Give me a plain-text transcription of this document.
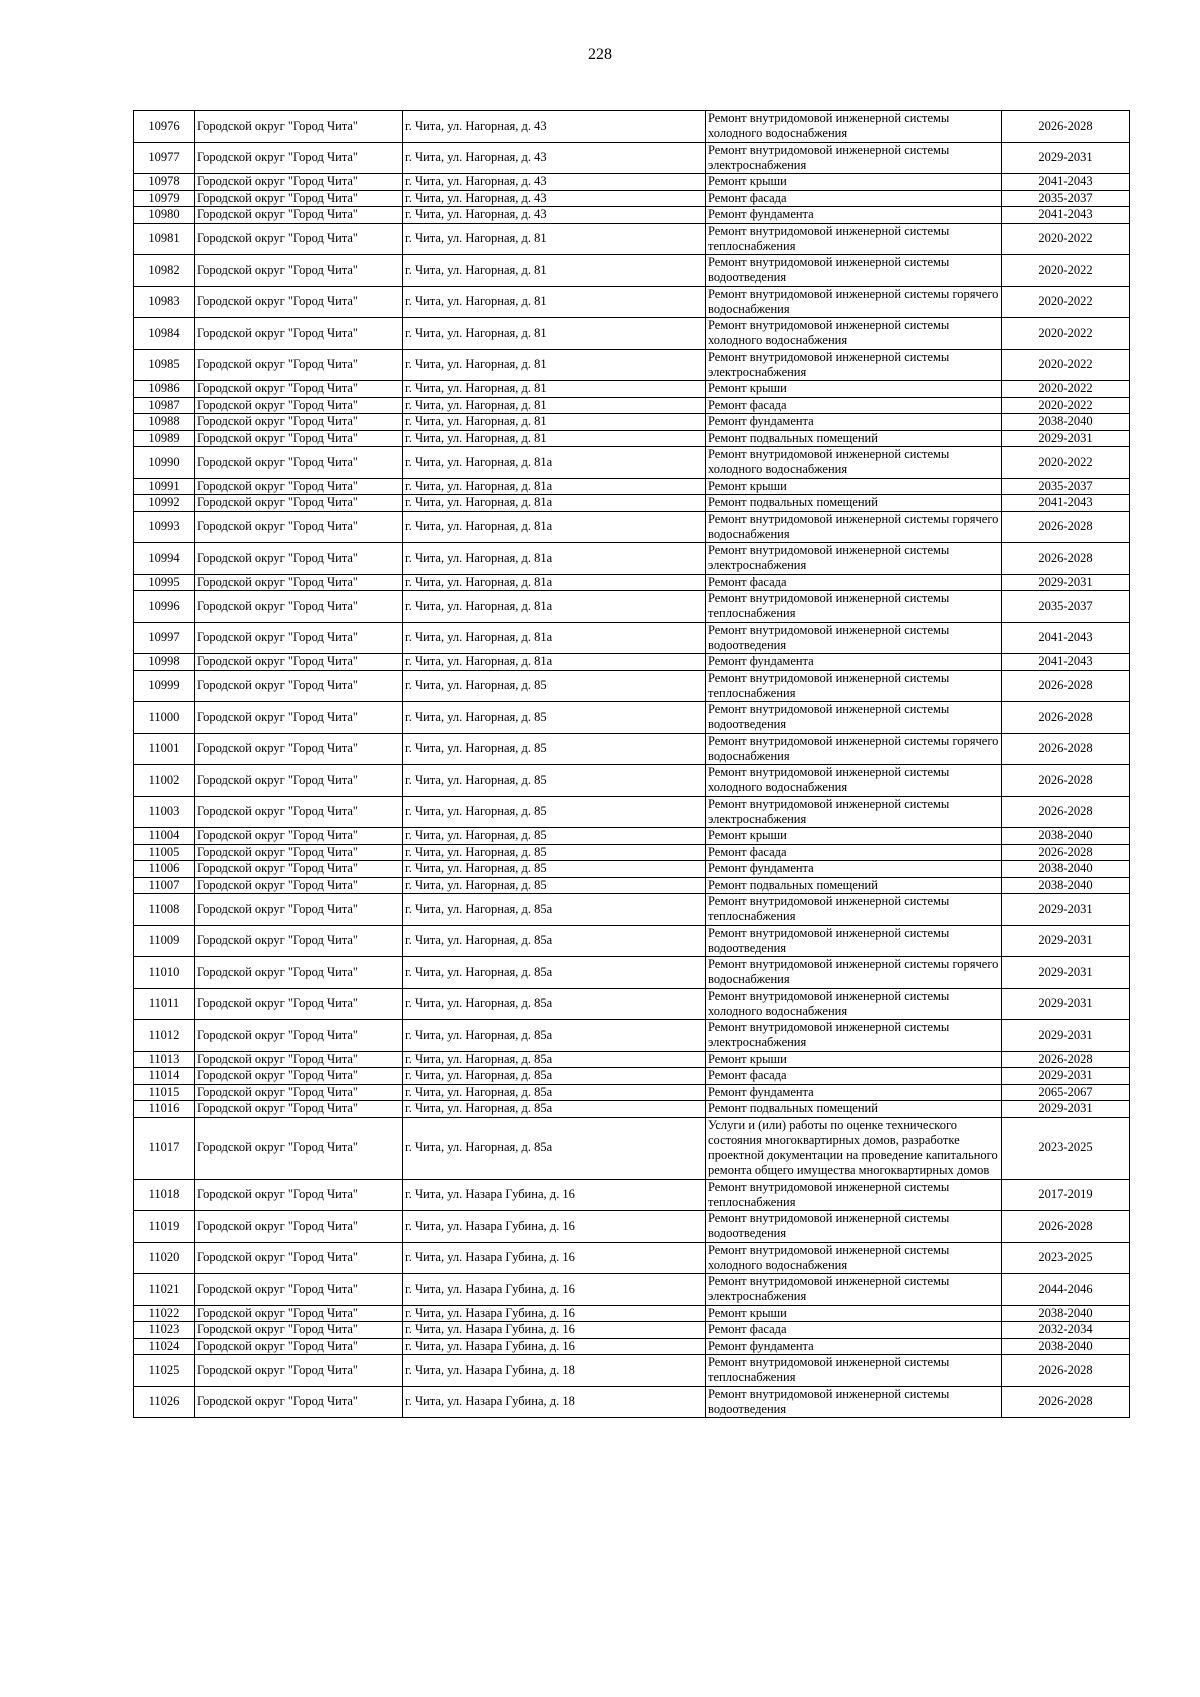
228
10976	Городской округ "Город Чита"	г. Чита, ул. Нагорная, д. 43	Ремонт внутридомовой инженерной системы холодного водоснабжения	2026-2028
10977	Городской округ "Город Чита"	г. Чита, ул. Нагорная, д. 43	Ремонт внутридомовой инженерной системы электроснабжения	2029-2031
10978	Городской округ "Город Чита"	г. Чита, ул. Нагорная, д. 43	Ремонт крыши	2041-2043
10979	Городской округ "Город Чита"	г. Чита, ул. Нагорная, д. 43	Ремонт фасада	2035-2037
10980	Городской округ "Город Чита"	г. Чита, ул. Нагорная, д. 43	Ремонт фундамента	2041-2043
10981	Городской округ "Город Чита"	г. Чита, ул. Нагорная, д. 81	Ремонт внутридомовой инженерной системы теплоснабжения	2020-2022
10982	Городской округ "Город Чита"	г. Чита, ул. Нагорная, д. 81	Ремонт внутридомовой инженерной системы водоотведения	2020-2022
10983	Городской округ "Город Чита"	г. Чита, ул. Нагорная, д. 81	Ремонт внутридомовой инженерной системы горячего водоснабжения	2020-2022
10984	Городской округ "Город Чита"	г. Чита, ул. Нагорная, д. 81	Ремонт внутридомовой инженерной системы холодного водоснабжения	2020-2022
10985	Городской округ "Город Чита"	г. Чита, ул. Нагорная, д. 81	Ремонт внутридомовой инженерной системы электроснабжения	2020-2022
10986	Городской округ "Город Чита"	г. Чита, ул. Нагорная, д. 81	Ремонт крыши	2020-2022
10987	Городской округ "Город Чита"	г. Чита, ул. Нагорная, д. 81	Ремонт фасада	2020-2022
10988	Городской округ "Город Чита"	г. Чита, ул. Нагорная, д. 81	Ремонт фундамента	2038-2040
10989	Городской округ "Город Чита"	г. Чита, ул. Нагорная, д. 81	Ремонт подвальных помещений	2029-2031
10990	Городской округ "Город Чита"	г. Чита, ул. Нагорная, д. 81а	Ремонт внутридомовой инженерной системы холодного водоснабжения	2020-2022
10991	Городской округ "Город Чита"	г. Чита, ул. Нагорная, д. 81а	Ремонт крыши	2035-2037
10992	Городской округ "Город Чита"	г. Чита, ул. Нагорная, д. 81а	Ремонт подвальных помещений	2041-2043
10993	Городской округ "Город Чита"	г. Чита, ул. Нагорная, д. 81а	Ремонт внутридомовой инженерной системы горячего водоснабжения	2026-2028
10994	Городской округ "Город Чита"	г. Чита, ул. Нагорная, д. 81а	Ремонт внутридомовой инженерной системы электроснабжения	2026-2028
10995	Городской округ "Город Чита"	г. Чита, ул. Нагорная, д. 81а	Ремонт фасада	2029-2031
10996	Городской округ "Город Чита"	г. Чита, ул. Нагорная, д. 81а	Ремонт внутридомовой инженерной системы теплоснабжения	2035-2037
10997	Городской округ "Город Чита"	г. Чита, ул. Нагорная, д. 81а	Ремонт внутридомовой инженерной системы водоотведения	2041-2043
10998	Городской округ "Город Чита"	г. Чита, ул. Нагорная, д. 81а	Ремонт фундамента	2041-2043
10999	Городской округ "Город Чита"	г. Чита, ул. Нагорная, д. 85	Ремонт внутридомовой инженерной системы теплоснабжения	2026-2028
11000	Городской округ "Город Чита"	г. Чита, ул. Нагорная, д. 85	Ремонт внутридомовой инженерной системы водоотведения	2026-2028
11001	Городской округ "Город Чита"	г. Чита, ул. Нагорная, д. 85	Ремонт внутридомовой инженерной системы горячего водоснабжения	2026-2028
11002	Городской округ "Город Чита"	г. Чита, ул. Нагорная, д. 85	Ремонт внутридомовой инженерной системы холодного водоснабжения	2026-2028
11003	Городской округ "Город Чита"	г. Чита, ул. Нагорная, д. 85	Ремонт внутридомовой инженерной системы электроснабжения	2026-2028
11004	Городской округ "Город Чита"	г. Чита, ул. Нагорная, д. 85	Ремонт крыши	2038-2040
11005	Городской округ "Город Чита"	г. Чита, ул. Нагорная, д. 85	Ремонт фасада	2026-2028
11006	Городской округ "Город Чита"	г. Чита, ул. Нагорная, д. 85	Ремонт фундамента	2038-2040
11007	Городской округ "Город Чита"	г. Чита, ул. Нагорная, д. 85	Ремонт подвальных помещений	2038-2040
11008	Городской округ "Город Чита"	г. Чита, ул. Нагорная, д. 85а	Ремонт внутридомовой инженерной системы теплоснабжения	2029-2031
11009	Городской округ "Город Чита"	г. Чита, ул. Нагорная, д. 85а	Ремонт внутридомовой инженерной системы водоотведения	2029-2031
11010	Городской округ "Город Чита"	г. Чита, ул. Нагорная, д. 85а	Ремонт внутридомовой инженерной системы горячего водоснабжения	2029-2031
11011	Городской округ "Город Чита"	г. Чита, ул. Нагорная, д. 85а	Ремонт внутридомовой инженерной системы холодного водоснабжения	2029-2031
11012	Городской округ "Город Чита"	г. Чита, ул. Нагорная, д. 85а	Ремонт внутридомовой инженерной системы электроснабжения	2029-2031
11013	Городской округ "Город Чита"	г. Чита, ул. Нагорная, д. 85а	Ремонт крыши	2026-2028
11014	Городской округ "Город Чита"	г. Чита, ул. Нагорная, д. 85а	Ремонт фасада	2029-2031
11015	Городской округ "Город Чита"	г. Чита, ул. Нагорная, д. 85а	Ремонт фундамента	2065-2067
11016	Городской округ "Город Чита"	г. Чита, ул. Нагорная, д. 85а	Ремонт подвальных помещений	2029-2031
11017	Городской округ "Город Чита"	г. Чита, ул. Нагорная, д. 85а	Услуги и (или) работы по оценке технического состояния многоквартирных домов, разработке проектной документации на проведение капитального ремонта общего имущества многоквартирных домов	2023-2025
11018	Городской округ "Город Чита"	г. Чита, ул. Назара Губина, д. 16	Ремонт внутридомовой инженерной системы теплоснабжения	2017-2019
11019	Городской округ "Город Чита"	г. Чита, ул. Назара Губина, д. 16	Ремонт внутридомовой инженерной системы водоотведения	2026-2028
11020	Городской округ "Город Чита"	г. Чита, ул. Назара Губина, д. 16	Ремонт внутридомовой инженерной системы холодного водоснабжения	2023-2025
11021	Городской округ "Город Чита"	г. Чита, ул. Назара Губина, д. 16	Ремонт внутридомовой инженерной системы электроснабжения	2044-2046
11022	Городской округ "Город Чита"	г. Чита, ул. Назара Губина, д. 16	Ремонт крыши	2038-2040
11023	Городской округ "Город Чита"	г. Чита, ул. Назара Губина, д. 16	Ремонт фасада	2032-2034
11024	Городской округ "Город Чита"	г. Чита, ул. Назара Губина, д. 16	Ремонт фундамента	2038-2040
11025	Городской округ "Город Чита"	г. Чита, ул. Назара Губина, д. 18	Ремонт внутридомовой инженерной системы теплоснабжения	2026-2028
11026	Городской округ "Город Чита"	г. Чита, ул. Назара Губина, д. 18	Ремонт внутридомовой инженерной системы водоотведения	2026-2028
